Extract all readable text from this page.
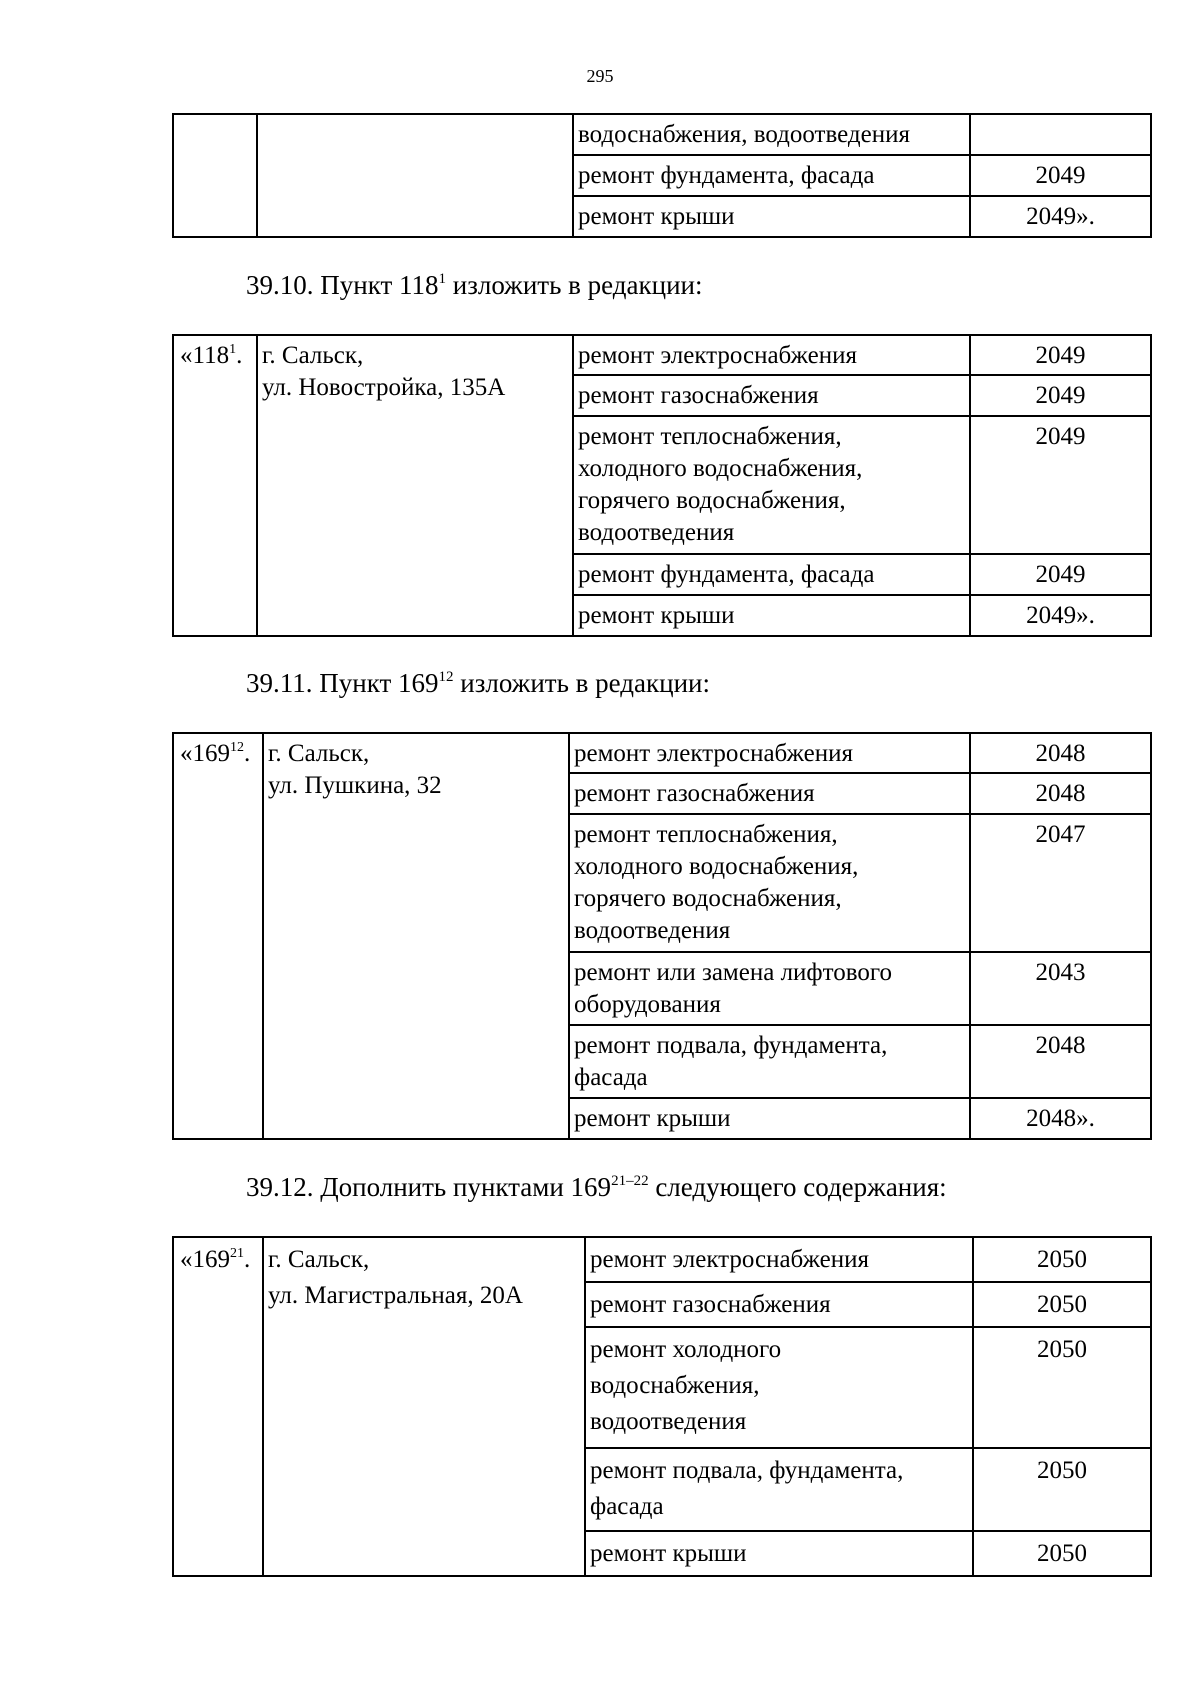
295
		водоснабжения, водоотведения	
		ремонт фундамента, фасада	2049
		ремонт крыши	2049».
39.10. Пункт $118^1$ изложить в редакции:
«$118^1$.	г. Сальск,
ул. Новостройка, 135А	ремонт электроснабжения	2049
		ремонт газоснабжения	2049

		ремонт теплоснабжения,
холодного водоснабжения,
горячего водоснабжения,
водоотведения	2049
		ремонт фундамента, фасада	2049
		ремонт крыши	2049».
39.11. Пункт $169^{12}$ изложить в редакции:
«$169^{12}$.	г. Сальск,
ул. Пушкина, 32	ремонт электроснабжения	2048
		ремонт газоснабжения	2048

		ремонт теплоснабжения,
холодного водоснабжения,
горячего водоснабжения,
водоотведения	2047

		ремонт или замена лифтового
оборудования	2043

		ремонт подвала, фундамента,
фасада	2048
		ремонт крыши	2048».
39.12. Дополнить пунктами 169$^{21-22}$ следующего содержания:
«$169^{21}$.	г. Сальск,
ул. Магистральная, 20А	ремонт электроснабжения	2050
		ремонт газоснабжения	2050

		ремонт холодного
водоснабжения,
водоотведения	2050

		ремонт подвала, фундамента,
фасада	2050
		ремонт крыши	2050
